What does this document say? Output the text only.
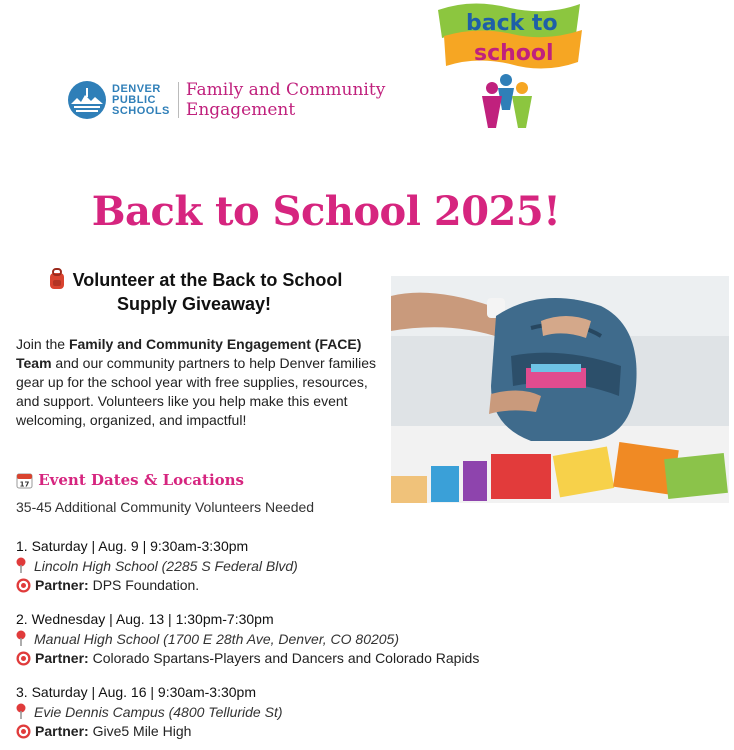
DENVER
PUBLIC
SCHOOLS
Family and Community
Engagement
back to
school
Back to School 2025!
Volunteer at the Back to School
Supply Giveaway!

Join the Family and Community Engagement (FACE) Team and our community partners to help Denver families gear up for the school year with free supplies, resources, and support. Volunteers like you help make this event welcoming, organized, and impactful!

17 Event Dates & Locations

35-45 Additional Community Volunteers Needed

1. Saturday | Aug. 9 | 9:30am-3:30pm
Lincoln High School (2285 S Federal Blvd)
Partner: DPS Foundation.
2. Wednesday | Aug. 13 | 1:30pm-7:30pm
Manual High School (1700 E 28th Ave, Denver, CO 80205)
Partner: Colorado Spartans-Players and Dancers and Colorado Rapids
3. Saturday | Aug. 16 | 9:30am-3:30pm
Evie Dennis Campus (4800 Telluride St)
Partner: Give5 Mile High
